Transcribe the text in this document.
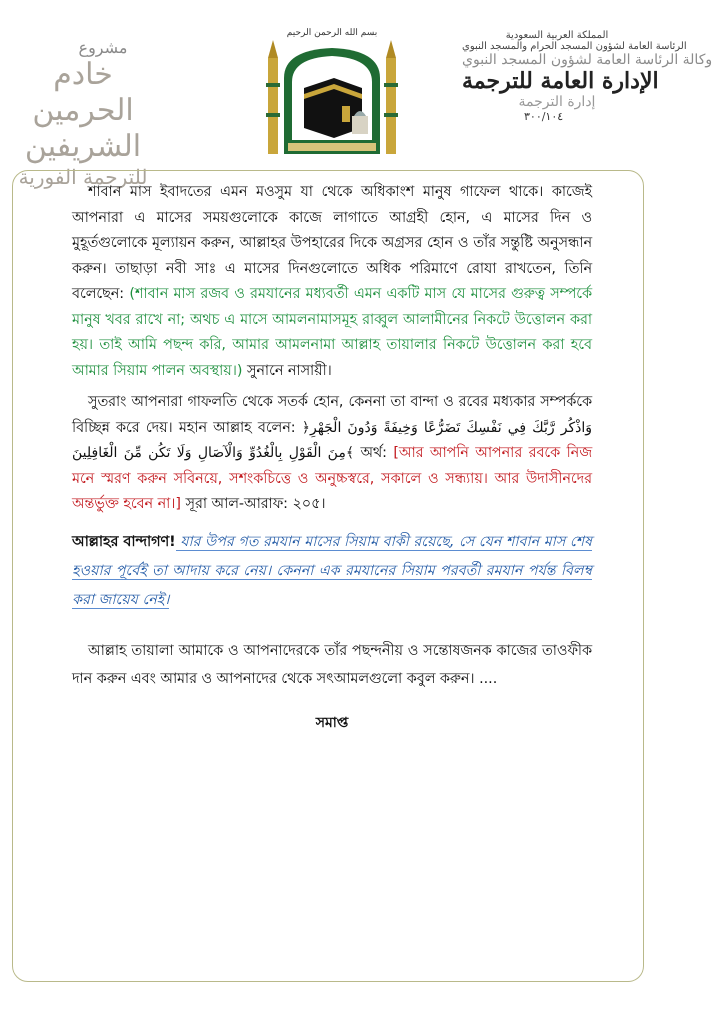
مشروع
خادم الحرمين الشريفين
للترجمة الفورية
بسم الله الرحمن الرحيم	المملكة العربية السعودية
الرئاسة العامة لشؤون المسجد الحرام والمسجد النبوي
وكالة الرئاسة العامة لشؤون المسجد النبوي
الإدارة العامة للترجمة
إدارة الترجمة
٣٠٠/١٠٤

শাবান মাস ইবাদতের এমন মওসুম যা থেকে অধিকাংশ মানুষ গাফেল থাকে। কাজেই আপনারা এ মাসের সময়গুলোকে কাজে লাগাতে আগ্রহী হোন, এ মাসের দিন ও মুহূর্তগুলোকে মূল্যায়ন করুন, আল্লাহর উপহারের দিকে অগ্রসর হোন ও তাঁর সন্তুষ্টি অনুসন্ধান করুন। তাছাড়া নবী সাঃ এ মাসের দিনগুলোতে অধিক পরিমাণে রোযা রাখতেন, তিনি বলেছেন: (শাবান মাস রজব ও রমযানের মধ্যবর্তী এমন একটি মাস যে মাসের গুরুত্ব সম্পর্কে মানুষ খবর রাখে না; অথচ এ মাসে আমলনামাসমূহ রাব্বুল আলামীনের নিকটে উত্তোলন করা হয়। তাই আমি পছন্দ করি, আমার আমলনামা আল্লাহ তায়ালার নিকটে উত্তোলন করা হবে আমার সিয়াম পালন অবস্থায়।) সুনানে নাসায়ী।

সুতরাং আপনারা গাফলতি থেকে সতর্ক হোন, কেননা তা বান্দা ও রবের মধ্যকার সম্পর্ককে বিচ্ছিন্ন করে দেয়। মহান আল্লাহ বলেন: ﴿وَاذْكُر رَّبَّكَ فِي نَفْسِكَ تَضَرُّعًا وَخِيفَةً وَدُونَ الْجَهْرِ مِنَ الْقَوْلِ بِالْغُدُوِّ وَالْآصَالِ وَلَا تَكُن مِّنَ الْغَافِلِينَ﴾ অর্থ: [আর আপনি আপনার রবকে নিজ মনে স্মরণ করুন সবিনয়ে, সশংকচিত্তে ও অনুচ্চস্বরে, সকালে ও সন্ধ্যায়। আর উদাসীনদের অন্তর্ভুক্ত হবেন না।] সূরা আল-আরাফ: ২০৫।

আল্লাহর বান্দাগণ! যার উপর গত রমযান মাসের সিয়াম বাকী রয়েছে, সে যেন শাবান মাস শেষ হওয়ার পূর্বেই তা আদায় করে নেয়। কেননা এক রমযানের সিয়াম পরবর্তী রমযান পর্যন্ত বিলম্ব করা জায়েয নেই।

আল্লাহ তায়ালা আমাকে ও আপনাদেরকে তাঁর পছন্দনীয় ও সন্তোষজনক কাজের তাওফীক দান করুন এবং আমার ও আপনাদের থেকে সৎআমলগুলো কবুল করুন। ....

সমাপ্ত
